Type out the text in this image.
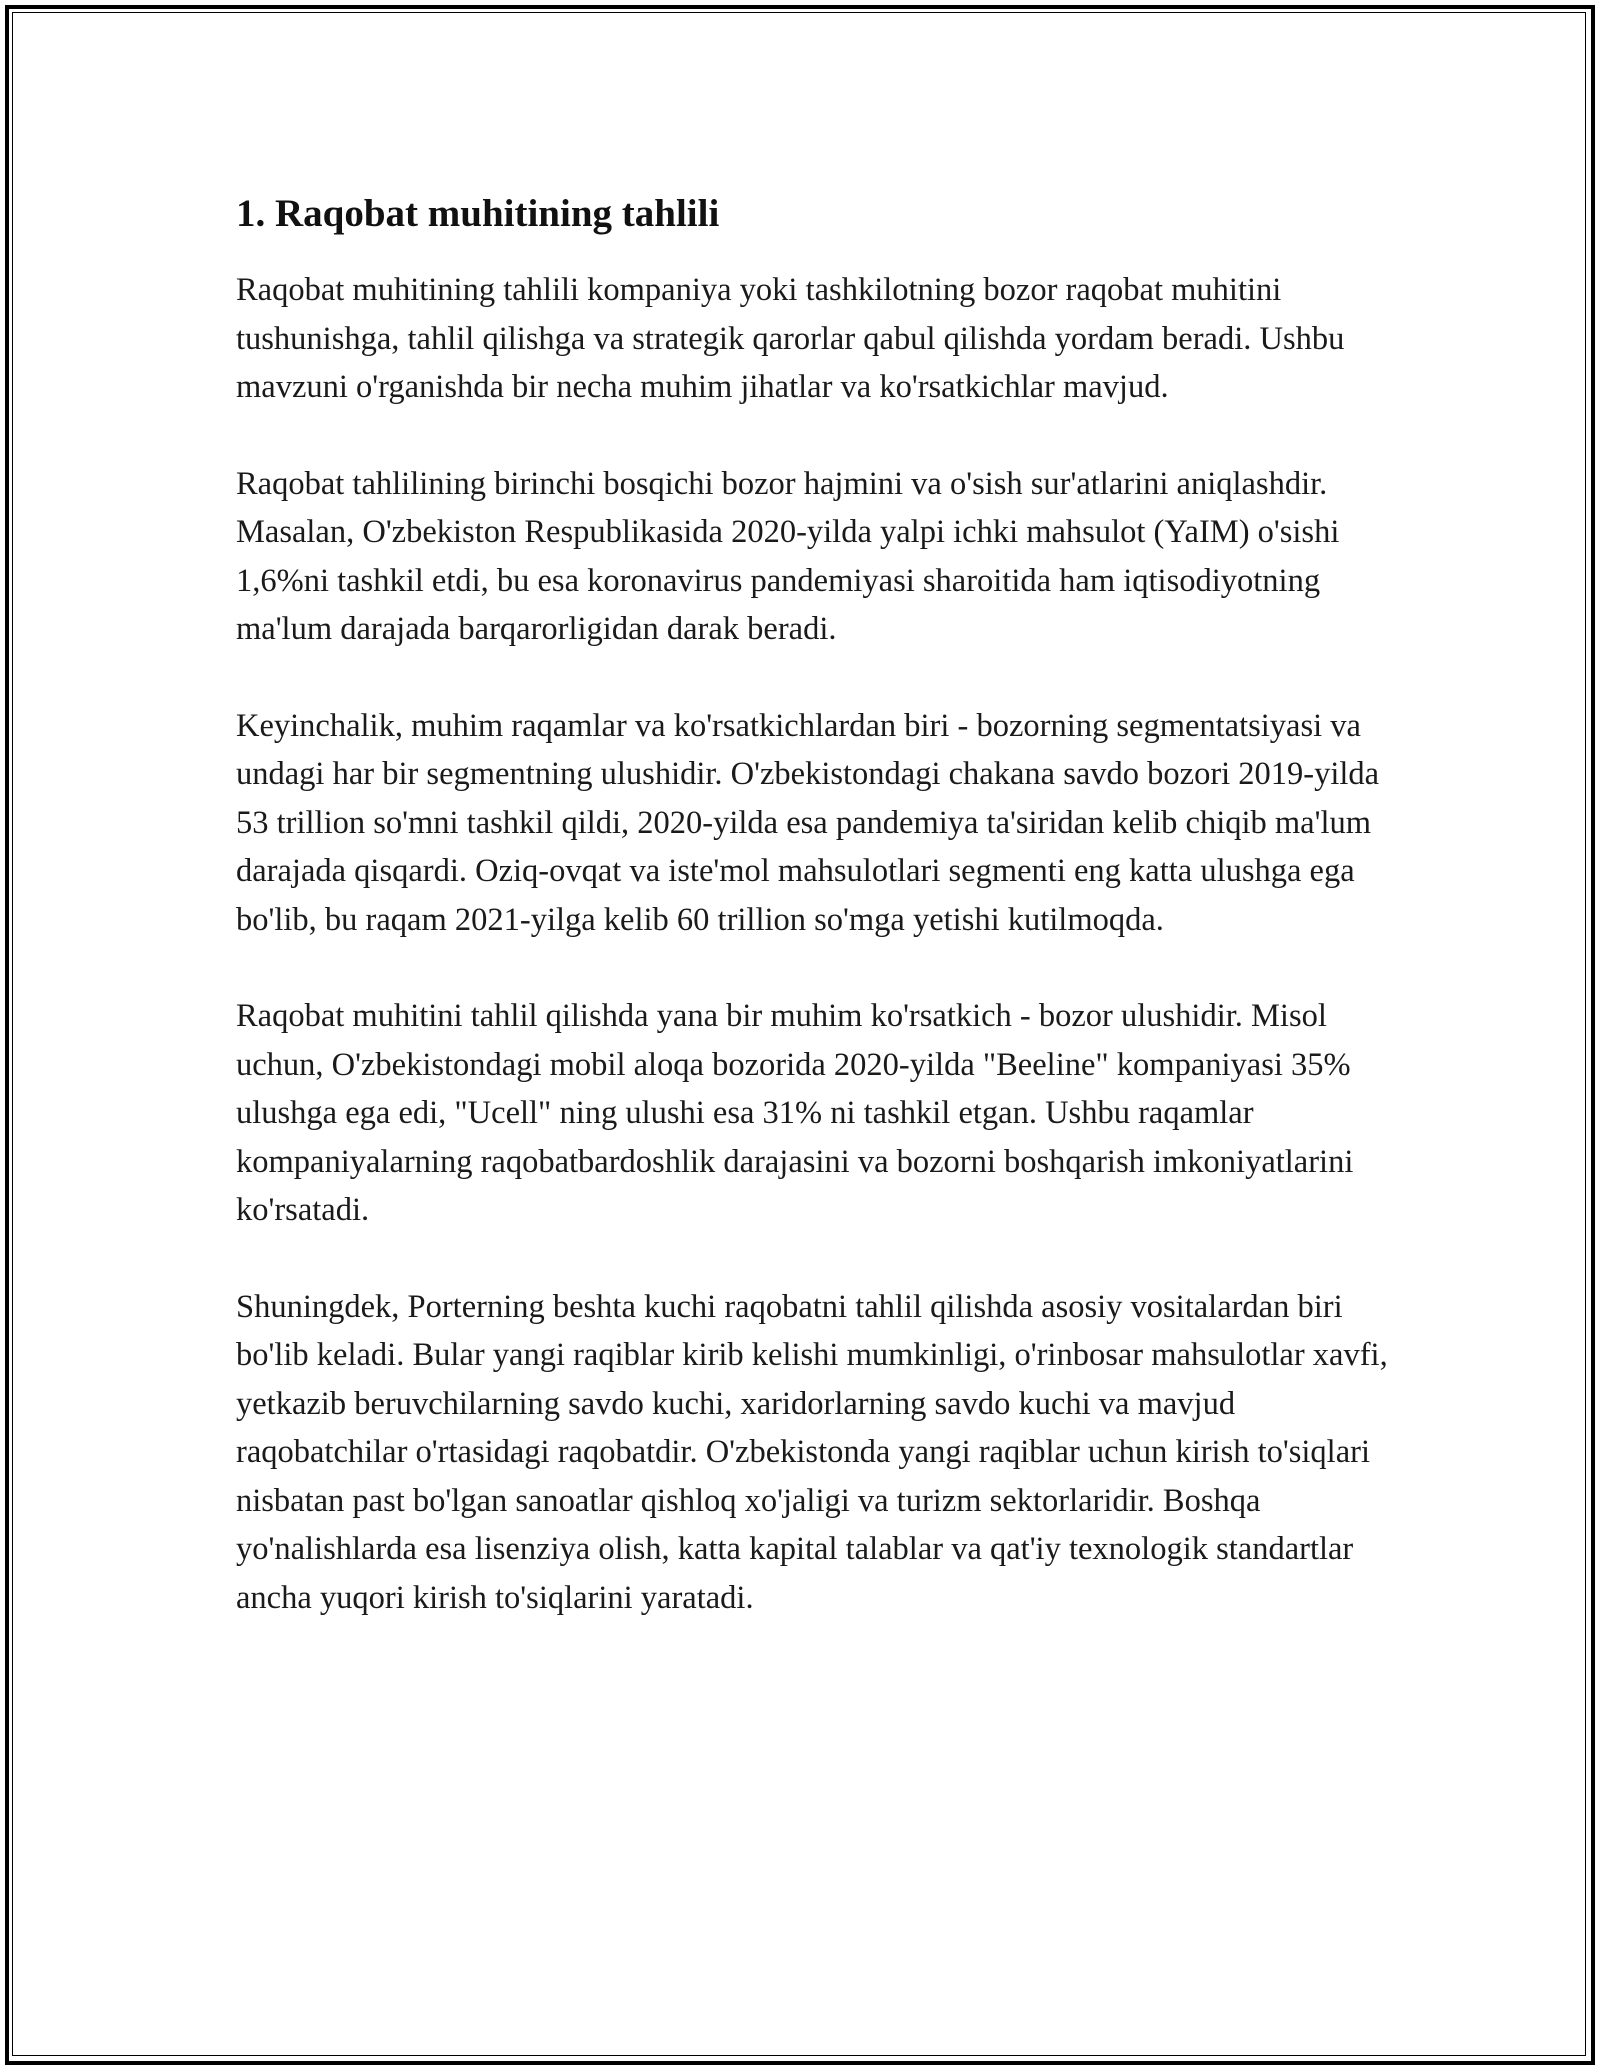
1. Raqobat muhitining tahlili

Raqobat muhitining tahlili kompaniya yoki tashkilotning bozor raqobat muhitini tushunishga, tahlil qilishga va strategik qarorlar qabul qilishda yordam beradi. Ushbu mavzuni o'rganishda bir necha muhim jihatlar va ko'rsatkichlar mavjud.

Raqobat tahlilining birinchi bosqichi bozor hajmini va o'sish sur'atlarini aniqlashdir. Masalan, O'zbekiston Respublikasida 2020-yilda yalpi ichki mahsulot (YaIM) o'sishi 1,6%ni tashkil etdi, bu esa koronavirus pandemiyasi sharoitida ham iqtisodiyotning ma'lum darajada barqarorligidan darak beradi.

Keyinchalik, muhim raqamlar va ko'rsatkichlardan biri - bozorning segmentatsiyasi va undagi har bir segmentning ulushidir. O'zbekistondagi chakana savdo bozori 2019-yilda 53 trillion so'mni tashkil qildi, 2020-yilda esa pandemiya ta'siridan kelib chiqib ma'lum darajada qisqardi. Oziq-ovqat va iste'mol mahsulotlari segmenti eng katta ulushga ega bo'lib, bu raqam 2021-yilga kelib 60 trillion so'mga yetishi kutilmoqda.

Raqobat muhitini tahlil qilishda yana bir muhim ko'rsatkich - bozor ulushidir. Misol uchun, O'zbekistondagi mobil aloqa bozorida 2020-yilda "Beeline" kompaniyasi 35% ulushga ega edi, "Ucell" ning ulushi esa 31% ni tashkil etgan. Ushbu raqamlar kompaniyalarning raqobatbardoshlik darajasini va bozorni boshqarish imkoniyatlarini ko'rsatadi.

Shuningdek, Porterning beshta kuchi raqobatni tahlil qilishda asosiy vositalardan biri bo'lib keladi. Bular yangi raqiblar kirib kelishi mumkinligi, o'rinbosar mahsulotlar xavfi, yetkazib beruvchilarning savdo kuchi, xaridorlarning savdo kuchi va mavjud raqobatchilar o'rtasidagi raqobatdir. O'zbekistonda yangi raqiblar uchun kirish to'siqlari nisbatan past bo'lgan sanoatlar qishloq xo'jaligi va turizm sektorlaridir. Boshqa yo'nalishlarda esa lisenziya olish, katta kapital talablar va qat'iy texnologik standartlar ancha yuqori kirish to'siqlarini yaratadi.
